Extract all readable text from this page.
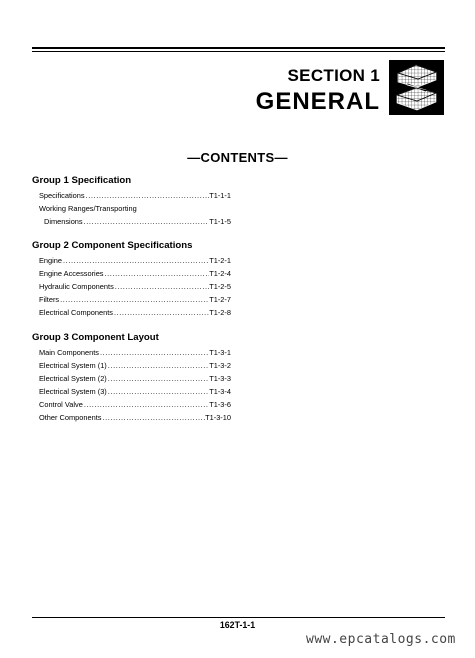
SECTION 1
GENERAL
—CONTENTS—
Group 1 Specification
Specifications .....	T1-1-1
Working Ranges/Transporting
Dimensions .....	T1-1-5
Group 2 Component Specifications
Engine .....	T1-2-1
Engine Accessories .....	T1-2-4
Hydraulic Components .....	T1-2-5
Filters .....	T1-2-7
Electrical Components .....	T1-2-8
Group 3 Component Layout
Main Components .....	T1-3-1
Electrical System (1) .....	T1-3-2
Electrical System (2) .....	T1-3-3
Electrical System (3) .....	T1-3-4
Control Valve .....	T1-3-6
Other Components .....	T1-3-10
162T-1-1
www.epcatalogs.com
